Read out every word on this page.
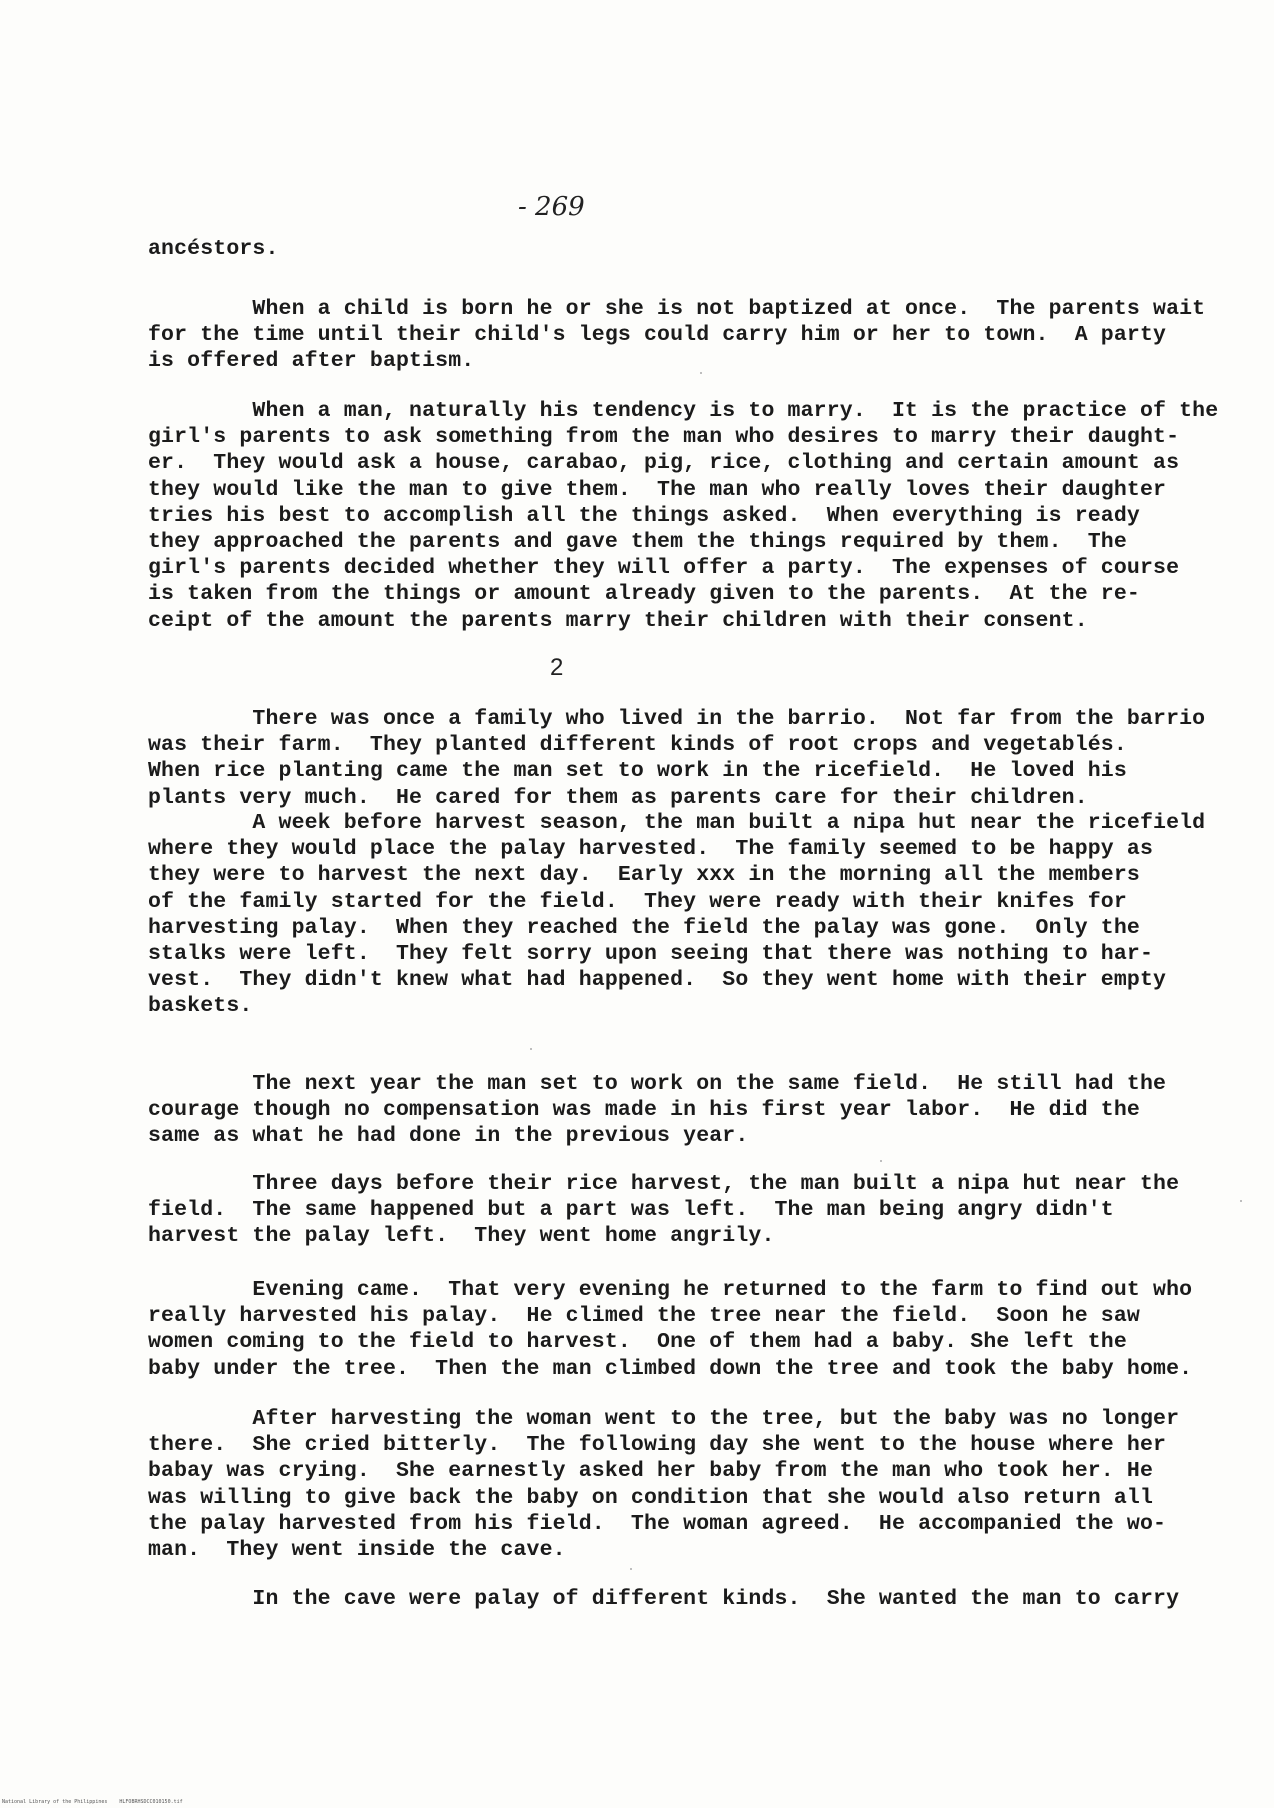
- 269
ancéstors.
When a child is born he or she is not baptized at once.  The parents wait
for the time until their child's legs could carry him or her to town.  A party
is offered after baptism.
When a man, naturally his tendency is to marry.  It is the practice of the
girl's parents to ask something from the man who desires to marry their daught-
er.  They would ask a house, carabao, pig, rice, clothing and certain amount as
they would like the man to give them.  The man who really loves their daughter
tries his best to accomplish all the things asked.  When everything is ready
they approached the parents and gave them the things required by them.  The
girl's parents decided whether they will offer a party.  The expenses of course
is taken from the things or amount already given to the parents.  At the re-
ceipt of the amount the parents marry their children with their consent.
2
There was once a family who lived in the barrio.  Not far from the barrio
was their farm.  They planted different kinds of root crops and vegetablés.
When rice planting came the man set to work in the ricefield.  He loved his
plants very much.  He cared for them as parents care for their children.
A week before harvest season, the man built a nipa hut near the ricefield
where they would place the palay harvested.  The family seemed to be happy as
they were to harvest the next day.  Early xxx in the morning all the members
of the family started for the field.  They were ready with their knifes for
harvesting palay.  When they reached the field the palay was gone.  Only the
stalks were left.  They felt sorry upon seeing that there was nothing to har-
vest.  They didn't knew what had happened.  So they went home with their empty
baskets.
The next year the man set to work on the same field.  He still had the
courage though no compensation was made in his first year labor.  He did the
same as what he had done in the previous year.
Three days before their rice harvest, the man built a nipa hut near the
field.  The same happened but a part was left.  The man being angry didn't
harvest the palay left.  They went home angrily.
Evening came.  That very evening he returned to the farm to find out who
really harvested his palay.  He climed the tree near the field.  Soon he saw
women coming to the field to harvest.  One of them had a baby. She left the
baby under the tree.  Then the man climbed down the tree and took the baby home.
After harvesting the woman went to the tree, but the baby was no longer
there.  She cried bitterly.  The following day she went to the house where her
babay was crying.  She earnestly asked her baby from the man who took her. He
was willing to give back the baby on condition that she would also return all
the palay harvested from his field.  The woman agreed.  He accompanied the wo-
man.  They went inside the cave.
In the cave were palay of different kinds.  She wanted the man to carry
National Library of the Philippines    HLFOBRHSDCC010150.tif
